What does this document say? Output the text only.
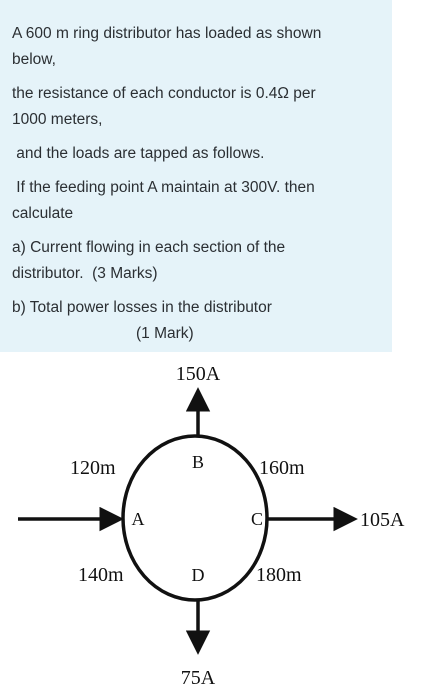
A 600 m ring distributor has loaded as shown
below,
the resistance of each conductor is 0.4Ω per
1000 meters,
and the loads are tapped as follows.
If the feeding point A maintain at 300V. then
calculate
a) Current flowing in each section of the
distributor.  (3 Marks)
b) Total power losses in the distributor
(1 Mark)
150A
75A
105A
A
B
C
D
120m	160m
180m
140m
